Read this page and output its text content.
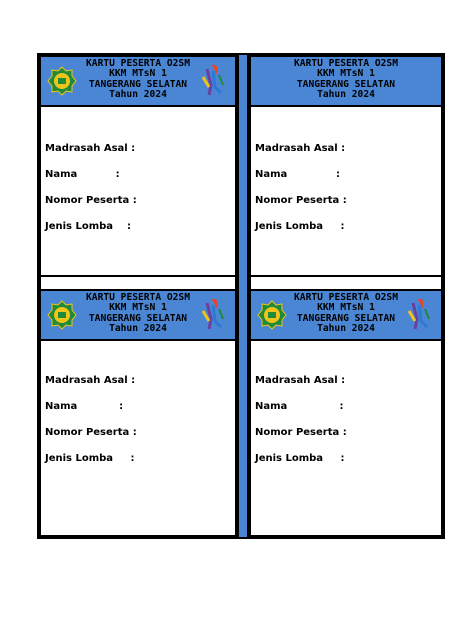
KARTU PESERTA O2SM
KKM MTsN 1
TANGERANG SELATAN
Tahun 2024
Madrasah Asal :
Nama           :
Nomor Peserta :
Jenis Lomba    :
KARTU PESERTA O2SM
KKM MTsN 1
TANGERANG SELATAN
Tahun 2024
Madrasah Asal :
Nama              :
Nomor Peserta :
Jenis Lomba     :
KARTU PESERTA O2SM
KKM MTsN 1
TANGERANG SELATAN
Tahun 2024
Madrasah Asal :
Nama            :
Nomor Peserta :
Jenis Lomba     :
KARTU PESERTA O2SM
KKM MTsN 1
TANGERANG SELATAN
Tahun 2024
Madrasah Asal :
Nama               :
Nomor Peserta :
Jenis Lomba     :
